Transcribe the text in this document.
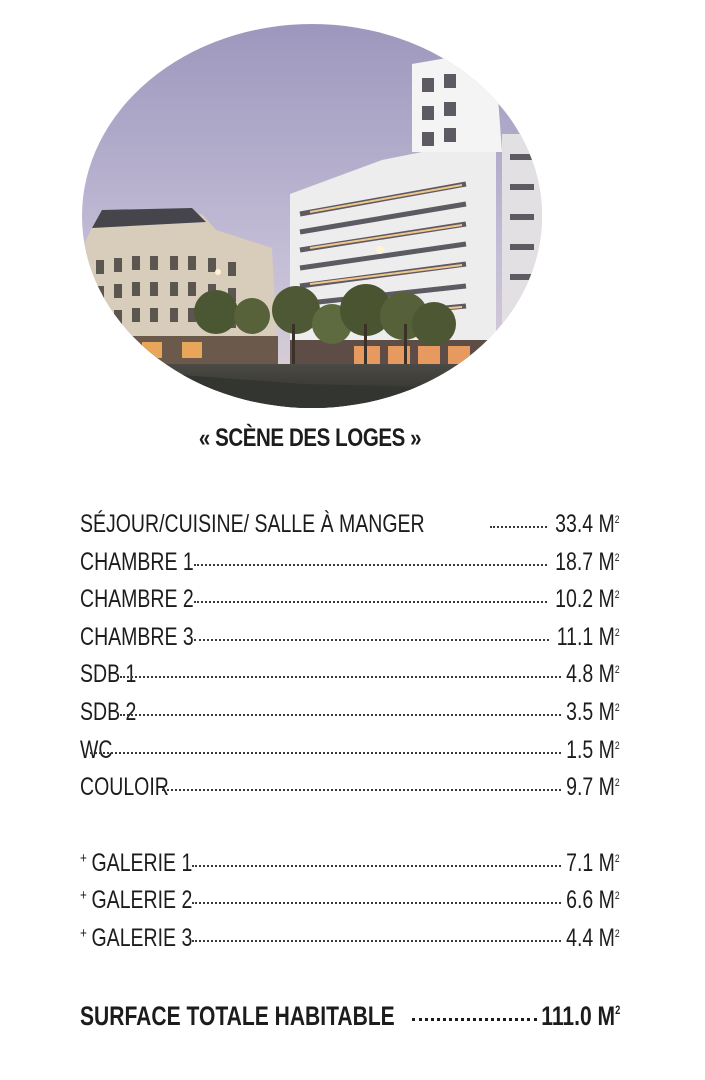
« SCÈNE DES LOGES »
SÉJOUR/CUISINE/ SALLE À MANGER	33.4 $M^2$
CHAMBRE 1	18.7 $M^2$
CHAMBRE 2	10.2 $M^2$
CHAMBRE 3	11.1 $M^2$
SDB 1	4.8 $M^2$
SDB 2	3.5 $M^2$
WC	1.5 $M^2$
COULOIR	9.7 $M^2$
+ GALERIE 1	7.1 $M^2$
+ GALERIE 2	6.6 $M^2$
+ GALERIE 3	4.4 $M^2$
SURFACE TOTALE HABITABLE	111.0 $M^2$
